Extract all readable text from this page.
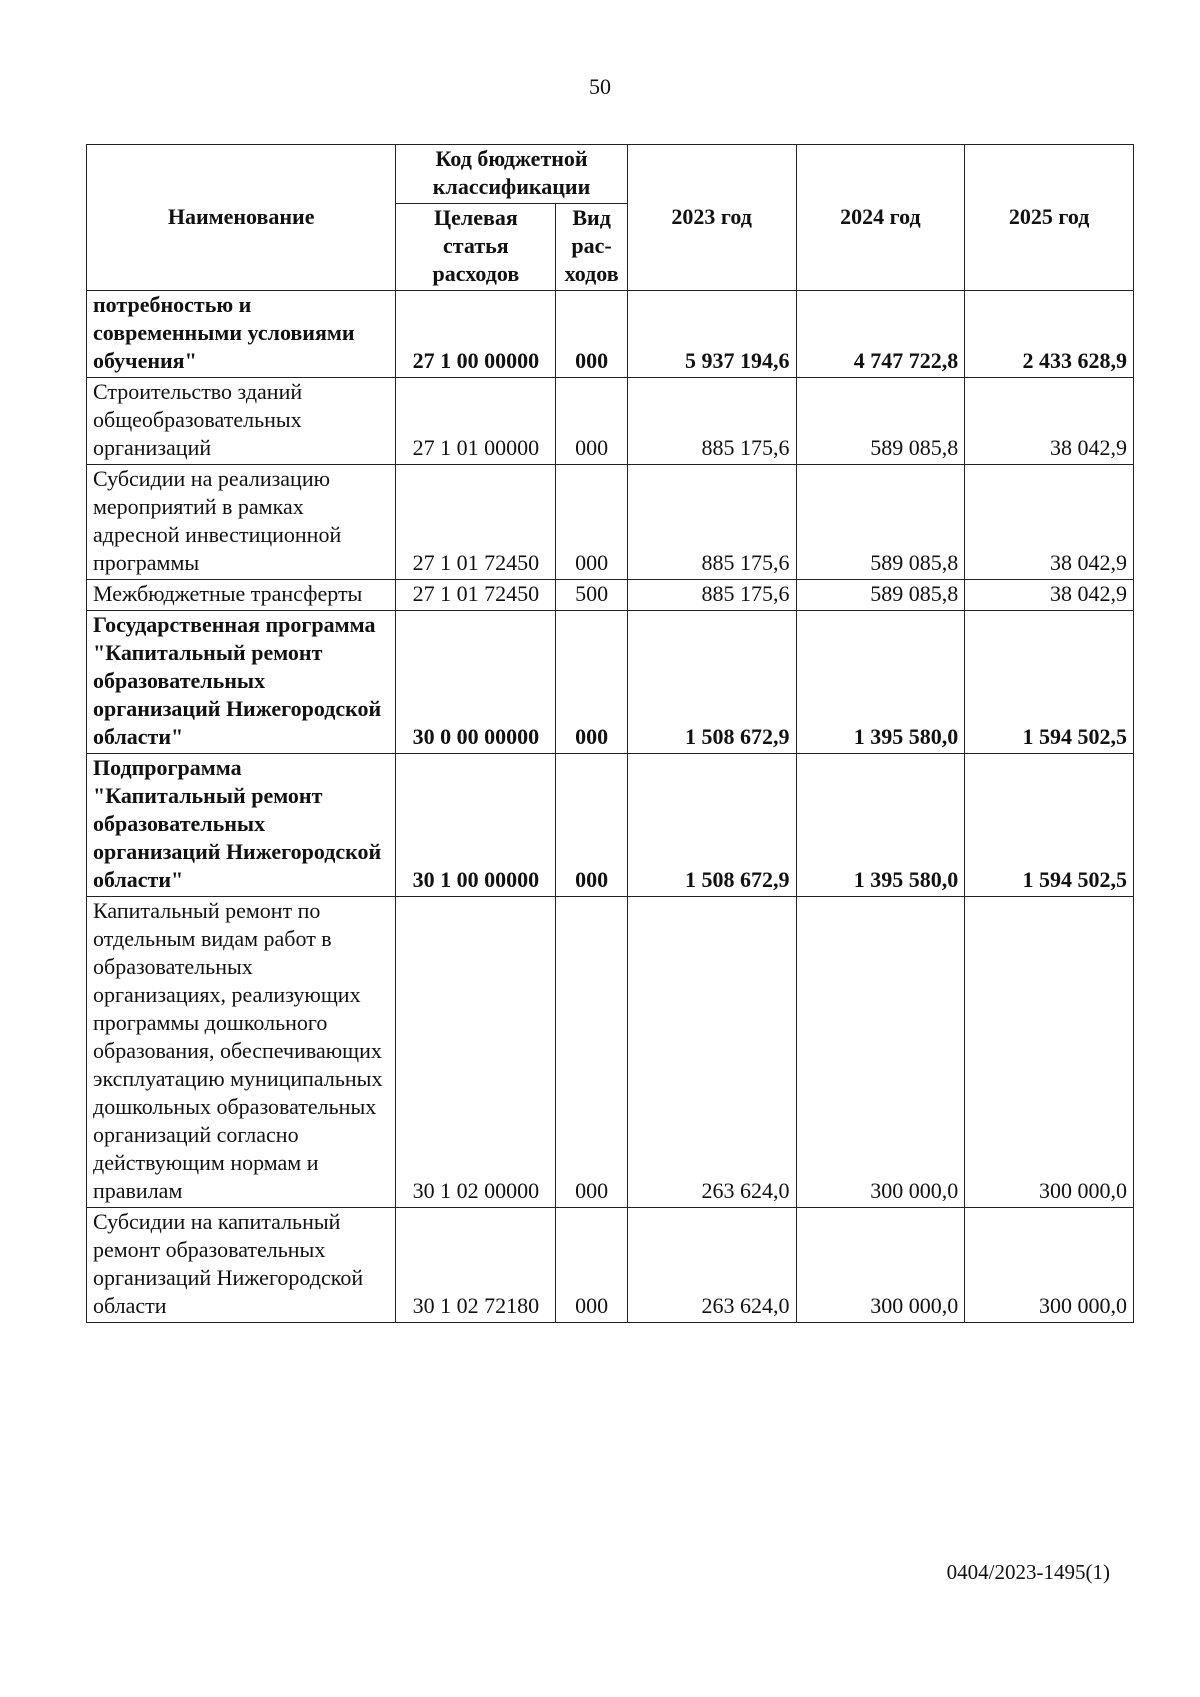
50
Наименование	Код бюджетной классификации		2023 год	2024 год	2025 год
	Целевая статья расходов	Вид рас-ходов			
потребностью и современными условиями обучения"	27 1 00 00000	000	5 937 194,6	4 747 722,8	2 433 628,9
Строительство зданий общеобразовательных организаций	27 1 01 00000	000	885 175,6	589 085,8	38 042,9
Субсидии на реализацию мероприятий в рамках адресной инвестиционной программы	27 1 01 72450	000	885 175,6	589 085,8	38 042,9
Межбюджетные трансферты	27 1 01 72450	500	885 175,6	589 085,8	38 042,9
Государственная программа "Капитальный ремонт образовательных организаций Нижегородской области"	30 0 00 00000	000	1 508 672,9	1 395 580,0	1 594 502,5
Подпрограмма "Капитальный ремонт образовательных организаций Нижегородской области"	30 1 00 00000	000	1 508 672,9	1 395 580,0	1 594 502,5
Капитальный ремонт по отдельным видам работ в образовательных организациях, реализующих программы дошкольного образования, обеспечивающих эксплуатацию муниципальных дошкольных образовательных организаций согласно действующим нормам и правилам	30 1 02 00000	000	263 624,0	300 000,0	300 000,0
Субсидии на капитальный ремонт образовательных организаций Нижегородской области	30 1 02 72180	000	263 624,0	300 000,0	300 000,0
0404/2023-1495(1)
